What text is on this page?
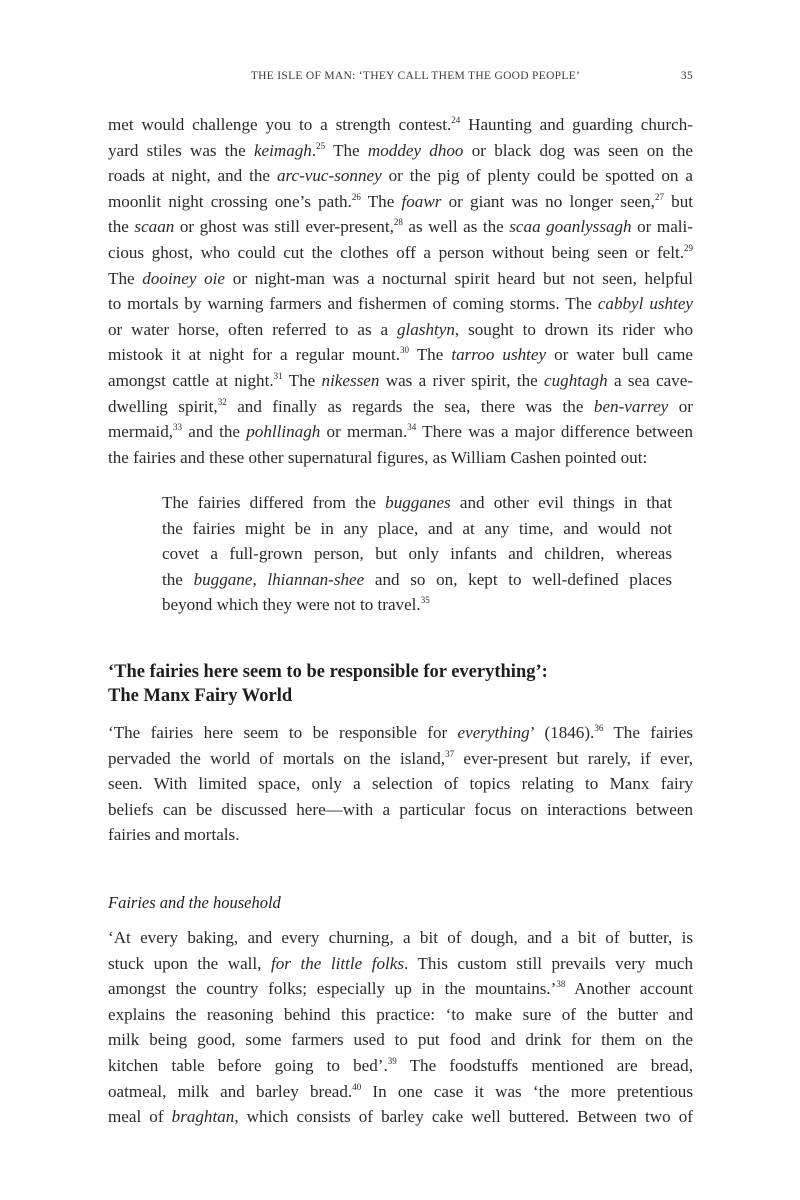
THE ISLE OF MAN: ‘THEY CALL THEM THE GOOD PEOPLE’	35
met would challenge you to a strength contest.$^{24}$ Haunting and guarding church-
yard stiles was the keimagh.$^{25}$ The moddey dhoo or black dog was seen on the
roads at night, and the arc-vuc-sonney or the pig of plenty could be spotted on a
moonlit night crossing one’s path.$^{26}$ The foawr or giant was no longer seen,$^{27}$ but
the scaan or ghost was still ever-present,$^{28}$ as well as the scaa goanlyssagh or mali-
cious ghost, who could cut the clothes off a person without being seen or felt.$^{29}$
The dooiney oie or night-man was a nocturnal spirit heard but not seen, helpful
to mortals by warning farmers and fishermen of coming storms. The cabbyl ushtey
or water horse, often referred to as a glashtyn, sought to drown its rider who
mistook it at night for a regular mount.$^{30}$ The tarroo ushtey or water bull came
amongst cattle at night.$^{31}$ The nikessen was a river spirit, the cughtagh a sea cave-
dwelling spirit,$^{32}$ and finally as regards the sea, there was the ben-varrey or
mermaid,$^{33}$ and the pohllinagh or merman.$^{34}$ There was a major difference between
the fairies and these other supernatural figures, as William Cashen pointed out:
The fairies differed from the bugganes and other evil things in that
the fairies might be in any place, and at any time, and would not
covet a full-grown person, but only infants and children, whereas
the buggane, lhiannan-shee and so on, kept to well-defined places
beyond which they were not to travel.$^{35}$
‘The fairies here seem to be responsible for everything’:
The Manx Fairy World
‘The fairies here seem to be responsible for everything’ (1846).$^{36}$ The fairies
pervaded the world of mortals on the island,$^{37}$ ever-present but rarely, if ever,
seen. With limited space, only a selection of topics relating to Manx fairy
beliefs can be discussed here—with a particular focus on interactions between
fairies and mortals.
Fairies and the household
‘At every baking, and every churning, a bit of dough, and a bit of butter, is
stuck upon the wall, for the little folks. This custom still prevails very much
amongst the country folks; especially up in the mountains.’$^{38}$ Another account
explains the reasoning behind this practice: ‘to make sure of the butter and
milk being good, some farmers used to put food and drink for them on the
kitchen table before going to bed’.$^{39}$ The foodstuffs mentioned are bread,
oatmeal, milk and barley bread.$^{40}$ In one case it was ‘the more pretentious
meal of braghtan, which consists of barley cake well buttered. Between two of
